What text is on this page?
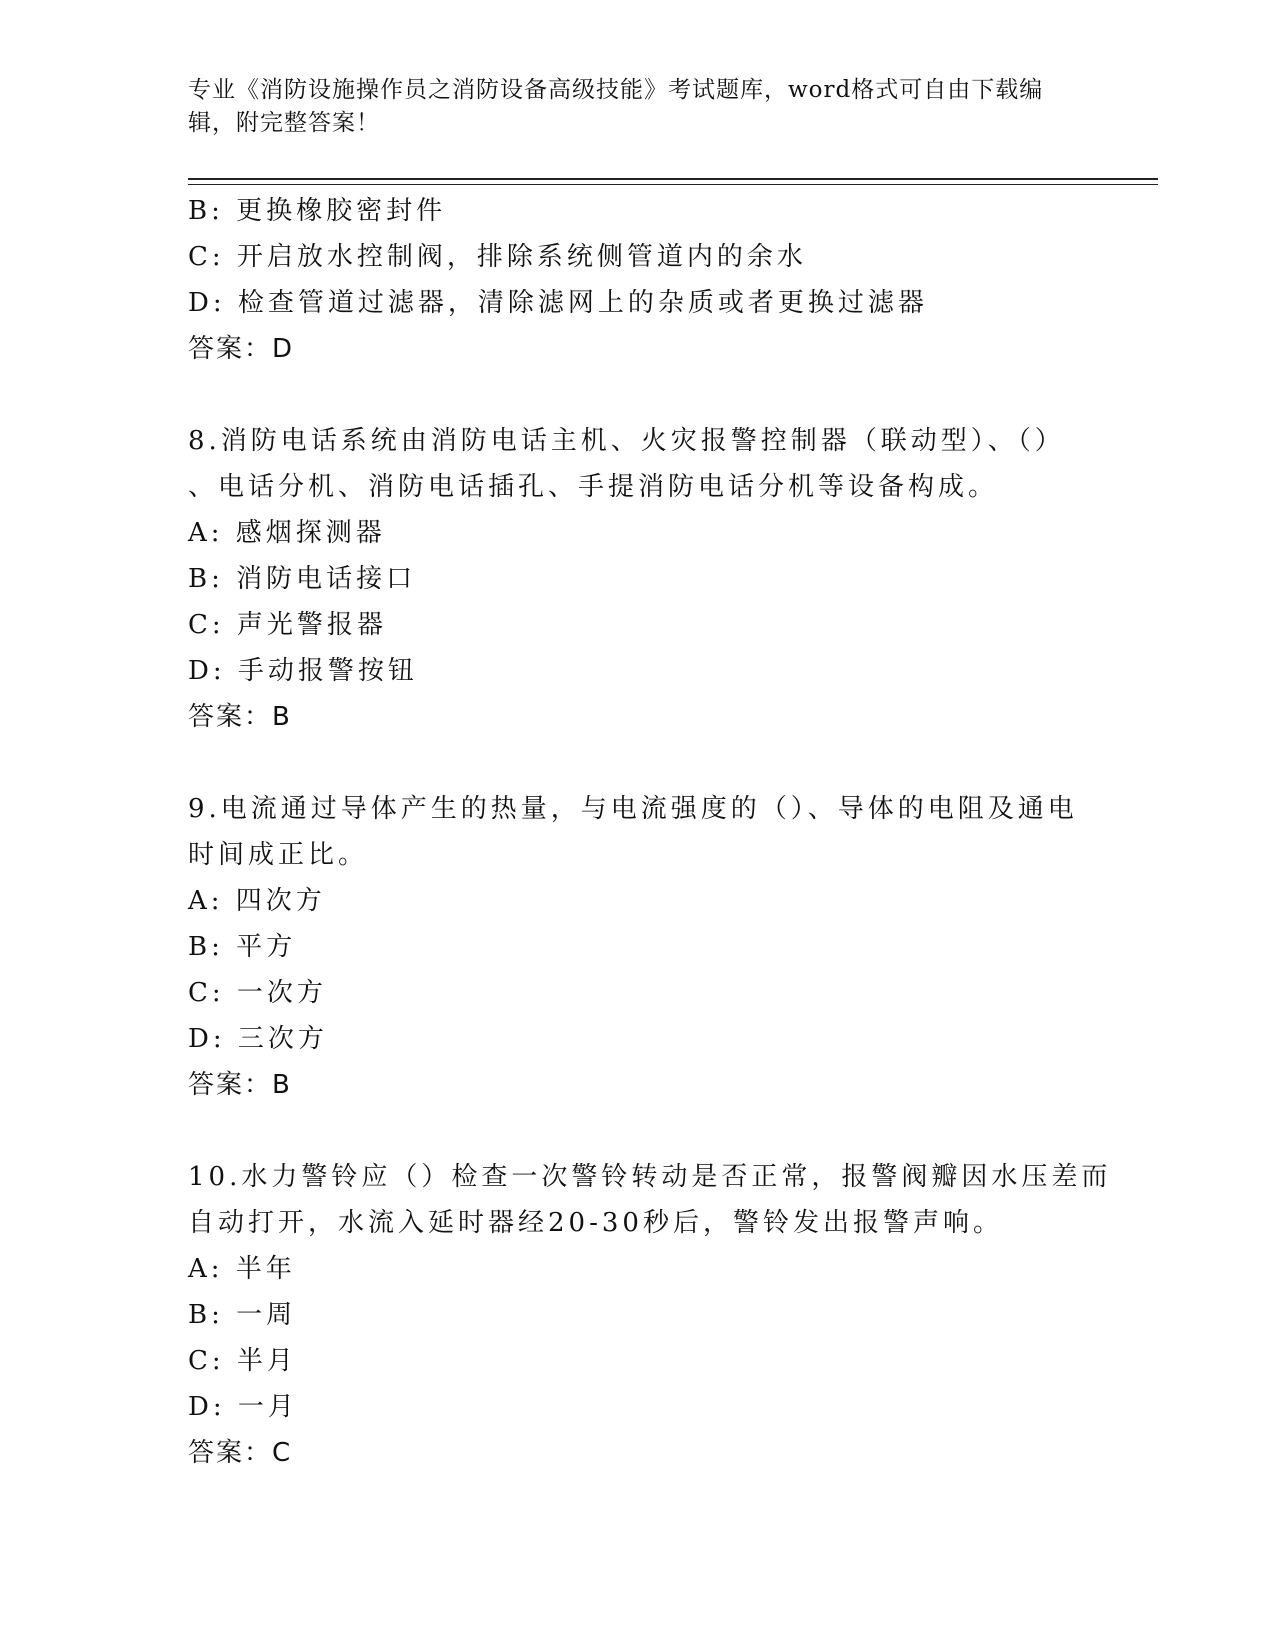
专业《消防设施操作员之消防设备高级技能》考试题库，word格式可自由下载编
辑，附完整答案！
B: 更换橡胶密封件
C: 开启放水控制阀，排除系统侧管道内的余水
D: 检查管道过滤器，清除滤网上的杂质或者更换过滤器
答案：D
8.消防电话系统由消防电话主机、火灾报警控制器（联动型）、（）
、电话分机、消防电话插孔、手提消防电话分机等设备构成。
A: 感烟探测器
B: 消防电话接口
C: 声光警报器
D: 手动报警按钮
答案：B
9.电流通过导体产生的热量，与电流强度的（）、导体的电阻及通电
时间成正比。
A: 四次方
B: 平方
C: 一次方
D: 三次方
答案：B
10.水力警铃应（）检查一次警铃转动是否正常，报警阀瓣因水压差而
自动打开，水流入延时器经20-30秒后，警铃发出报警声响。
A: 半年
B: 一周
C: 半月
D: 一月
答案：C
